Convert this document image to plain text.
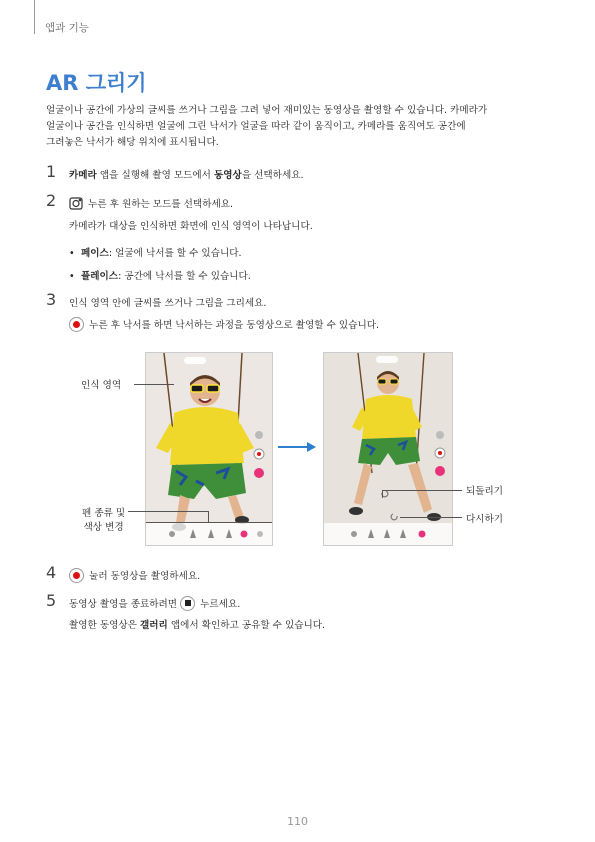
앱과 기능
AR 그리기
얼굴이나 공간에 가상의 글씨를 쓰거나 그림을 그려 넣어 재미있는 동영상을 촬영할 수 있습니다. 카메라가
얼굴이나 공간을 인식하면 얼굴에 그린 낙서가 얼굴을 따라 같이 움직이고, 카메라를 움직여도 공간에
그려놓은 낙서가 해당 위치에 표시됩니다.
1 카메라 앱을 실행해 촬영 모드에서 동영상을 선택하세요.
2	누른 후 원하는 모드를 선택하세요.
카메라가 대상을 인식하면 화면에 인식 영역이 나타납니다.
• 페이스: 얼굴에 낙서를 할 수 있습니다.
• 플레이스: 공간에 낙서를 할 수 있습니다.
3 인식 영역 안에 글씨를 쓰거나 그림을 그리세요.
누른 후 낙서를 하면 낙서하는 과정을 동영상으로 촬영할 수 있습니다.
인식 영역
펜 종류 및
색상 변경
되돌리기
다시하기
4	눌러 동영상을 촬영하세요.
5 동영상 촬영을 종료하려면  누르세요.
촬영한 동영상은 갤러리 앱에서 확인하고 공유할 수 있습니다.
110
